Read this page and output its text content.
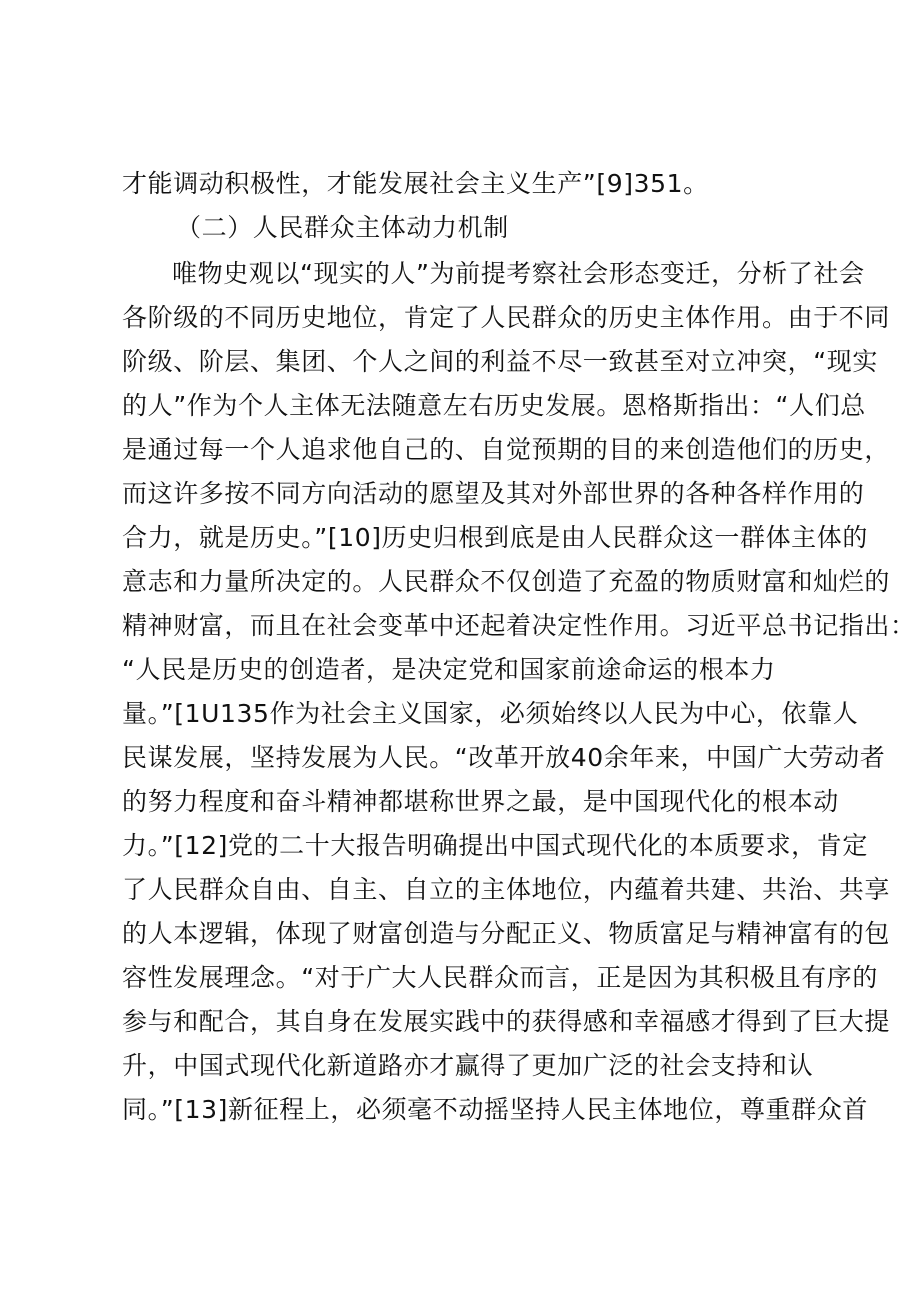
才能调动积极性，才能发展社会主义生产”[9]351。
（二）人民群众主体动力机制
唯物史观以“现实的人”为前提考察社会形态变迁，分析了社会
各阶级的不同历史地位，肯定了人民群众的历史主体作用。由于不同
阶级、阶层、集团、个人之间的利益不尽一致甚至对立冲突，“现实
的人”作为个人主体无法随意左右历史发展。恩格斯指出：“人们总
是通过每一个人追求他自己的、自觉预期的目的来创造他们的历史，
而这许多按不同方向活动的愿望及其对外部世界的各种各样作用的
合力，就是历史。”[10]历史归根到底是由人民群众这一群体主体的
意志和力量所决定的。人民群众不仅创造了充盈的物质财富和灿烂的
精神财富，而且在社会变革中还起着决定性作用。习近平总书记指出：
“人民是历史的创造者，是决定党和国家前途命运的根本力
量。”[1U135作为社会主义国家，必须始终以人民为中心，依靠人
民谋发展，坚持发展为人民。“改革开放40余年来，中国广大劳动者
的努力程度和奋斗精神都堪称世界之最，是中国现代化的根本动
力。”[12]党的二十大报告明确提出中国式现代化的本质要求，肯定
了人民群众自由、自主、自立的主体地位，内蕴着共建、共治、共享
的人本逻辑，体现了财富创造与分配正义、物质富足与精神富有的包
容性发展理念。“对于广大人民群众而言，正是因为其积极且有序的
参与和配合，其自身在发展实践中的获得感和幸福感才得到了巨大提
升，中国式现代化新道路亦才赢得了更加广泛的社会支持和认
同。”[13]新征程上，必须毫不动摇坚持人民主体地位，尊重群众首
